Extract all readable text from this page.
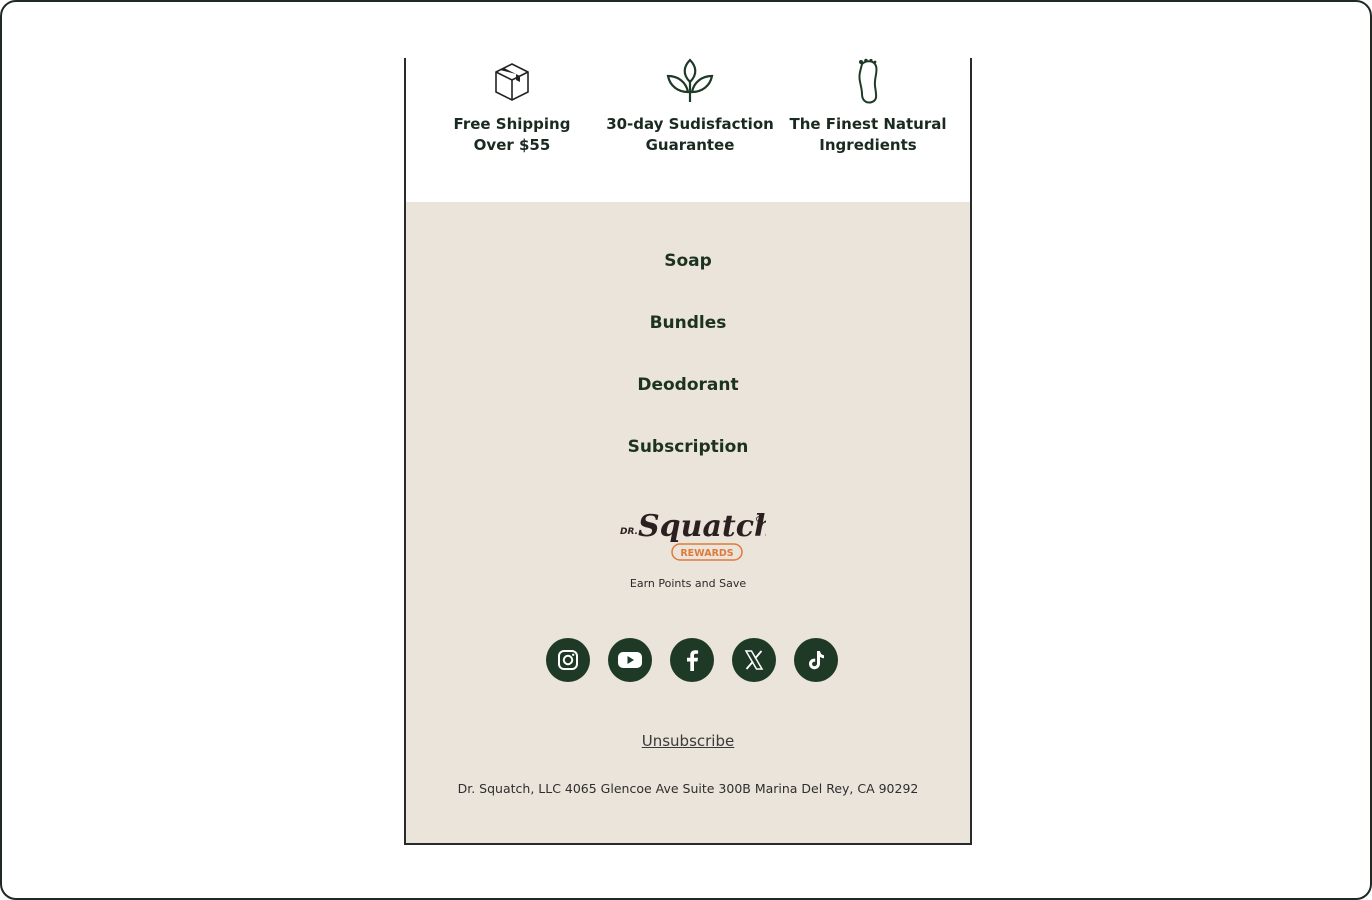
Free Shipping
Over $55
30-day Sudisfaction
Guarantee
The Finest Natural
Ingredients
Soap
Bundles
Deodorant
Subscription
DR. Squatch
REWARDS
Earn Points and Save
Unsubscribe
Dr. Squatch, LLC 4065 Glencoe Ave Suite 300B Marina Del Rey, CA 90292
